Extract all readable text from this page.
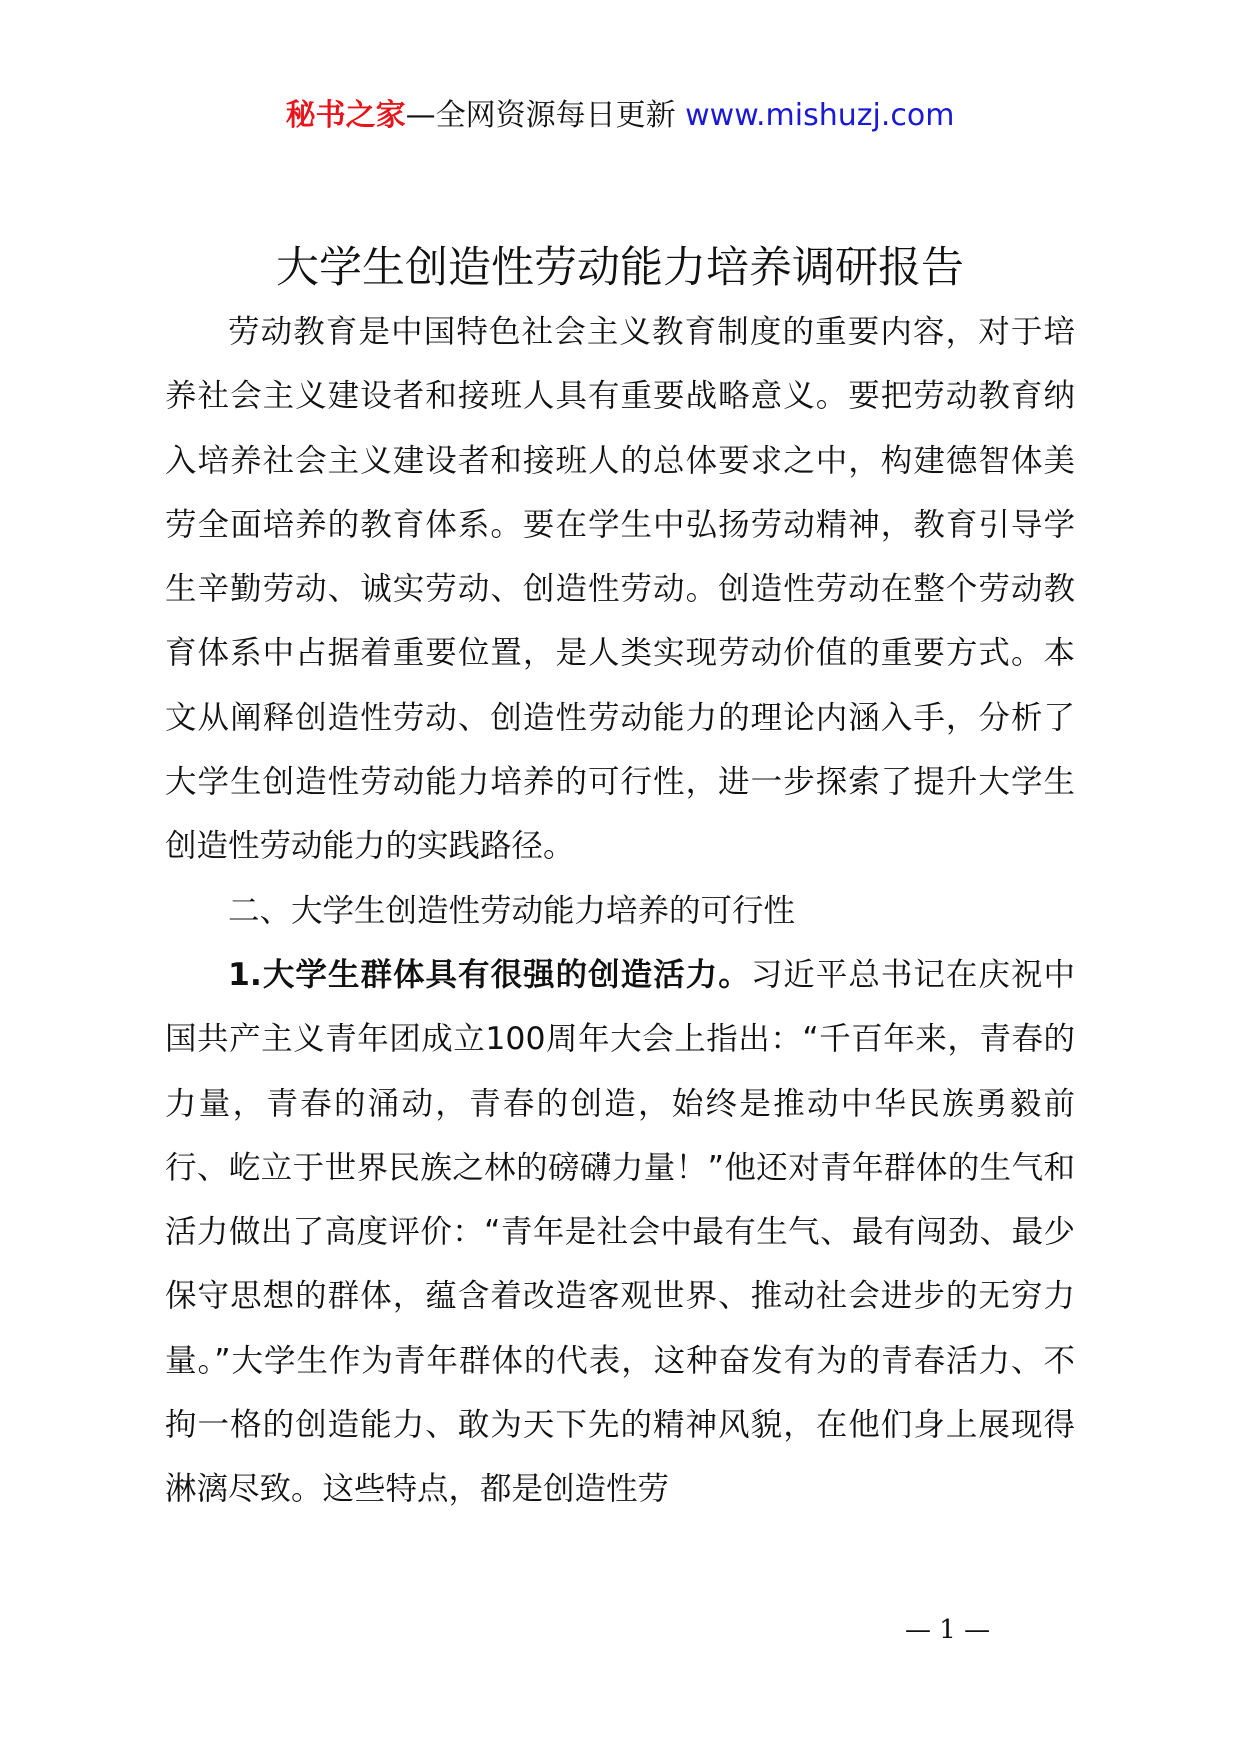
秘书之家—全网资源每日更新 www.mishuzj.com
大学生创造性劳动能力培养调研报告

劳动教育是中国特色社会主义教育制度的重要内容，对于培养社会主义建设者和接班人具有重要战略意义。要把劳动教育纳入培养社会主义建设者和接班人的总体要求之中，构建德智体美劳全面培养的教育体系。要在学生中弘扬劳动精神，教育引导学生辛勤劳动、诚实劳动、创造性劳动。创造性劳动在整个劳动教育体系中占据着重要位置，是人类实现劳动价值的重要方式。本文从阐释创造性劳动、创造性劳动能力的理论内涵入手，分析了大学生创造性劳动能力培养的可行性，进一步探索了提升大学生创造性劳动能力的实践路径。

二、大学生创造性劳动能力培养的可行性

1.大学生群体具有很强的创造活力。习近平总书记在庆祝中国共产主义青年团成立100周年大会上指出：“千百年来，青春的力量，青春的涌动，青春的创造，始终是推动中华民族勇毅前行、屹立于世界民族之林的磅礴力量！”他还对青年群体的生气和活力做出了高度评价：“青年是社会中最有生气、最有闯劲、最少保守思想的群体，蕴含着改造客观世界、推动社会进步的无穷力量。”大学生作为青年群体的代表，这种奋发有为的青春活力、不拘一格的创造能力、敢为天下先的精神风貌，在他们身上展现得淋漓尽致。这些特点，都是创造性劳

— 1 —
